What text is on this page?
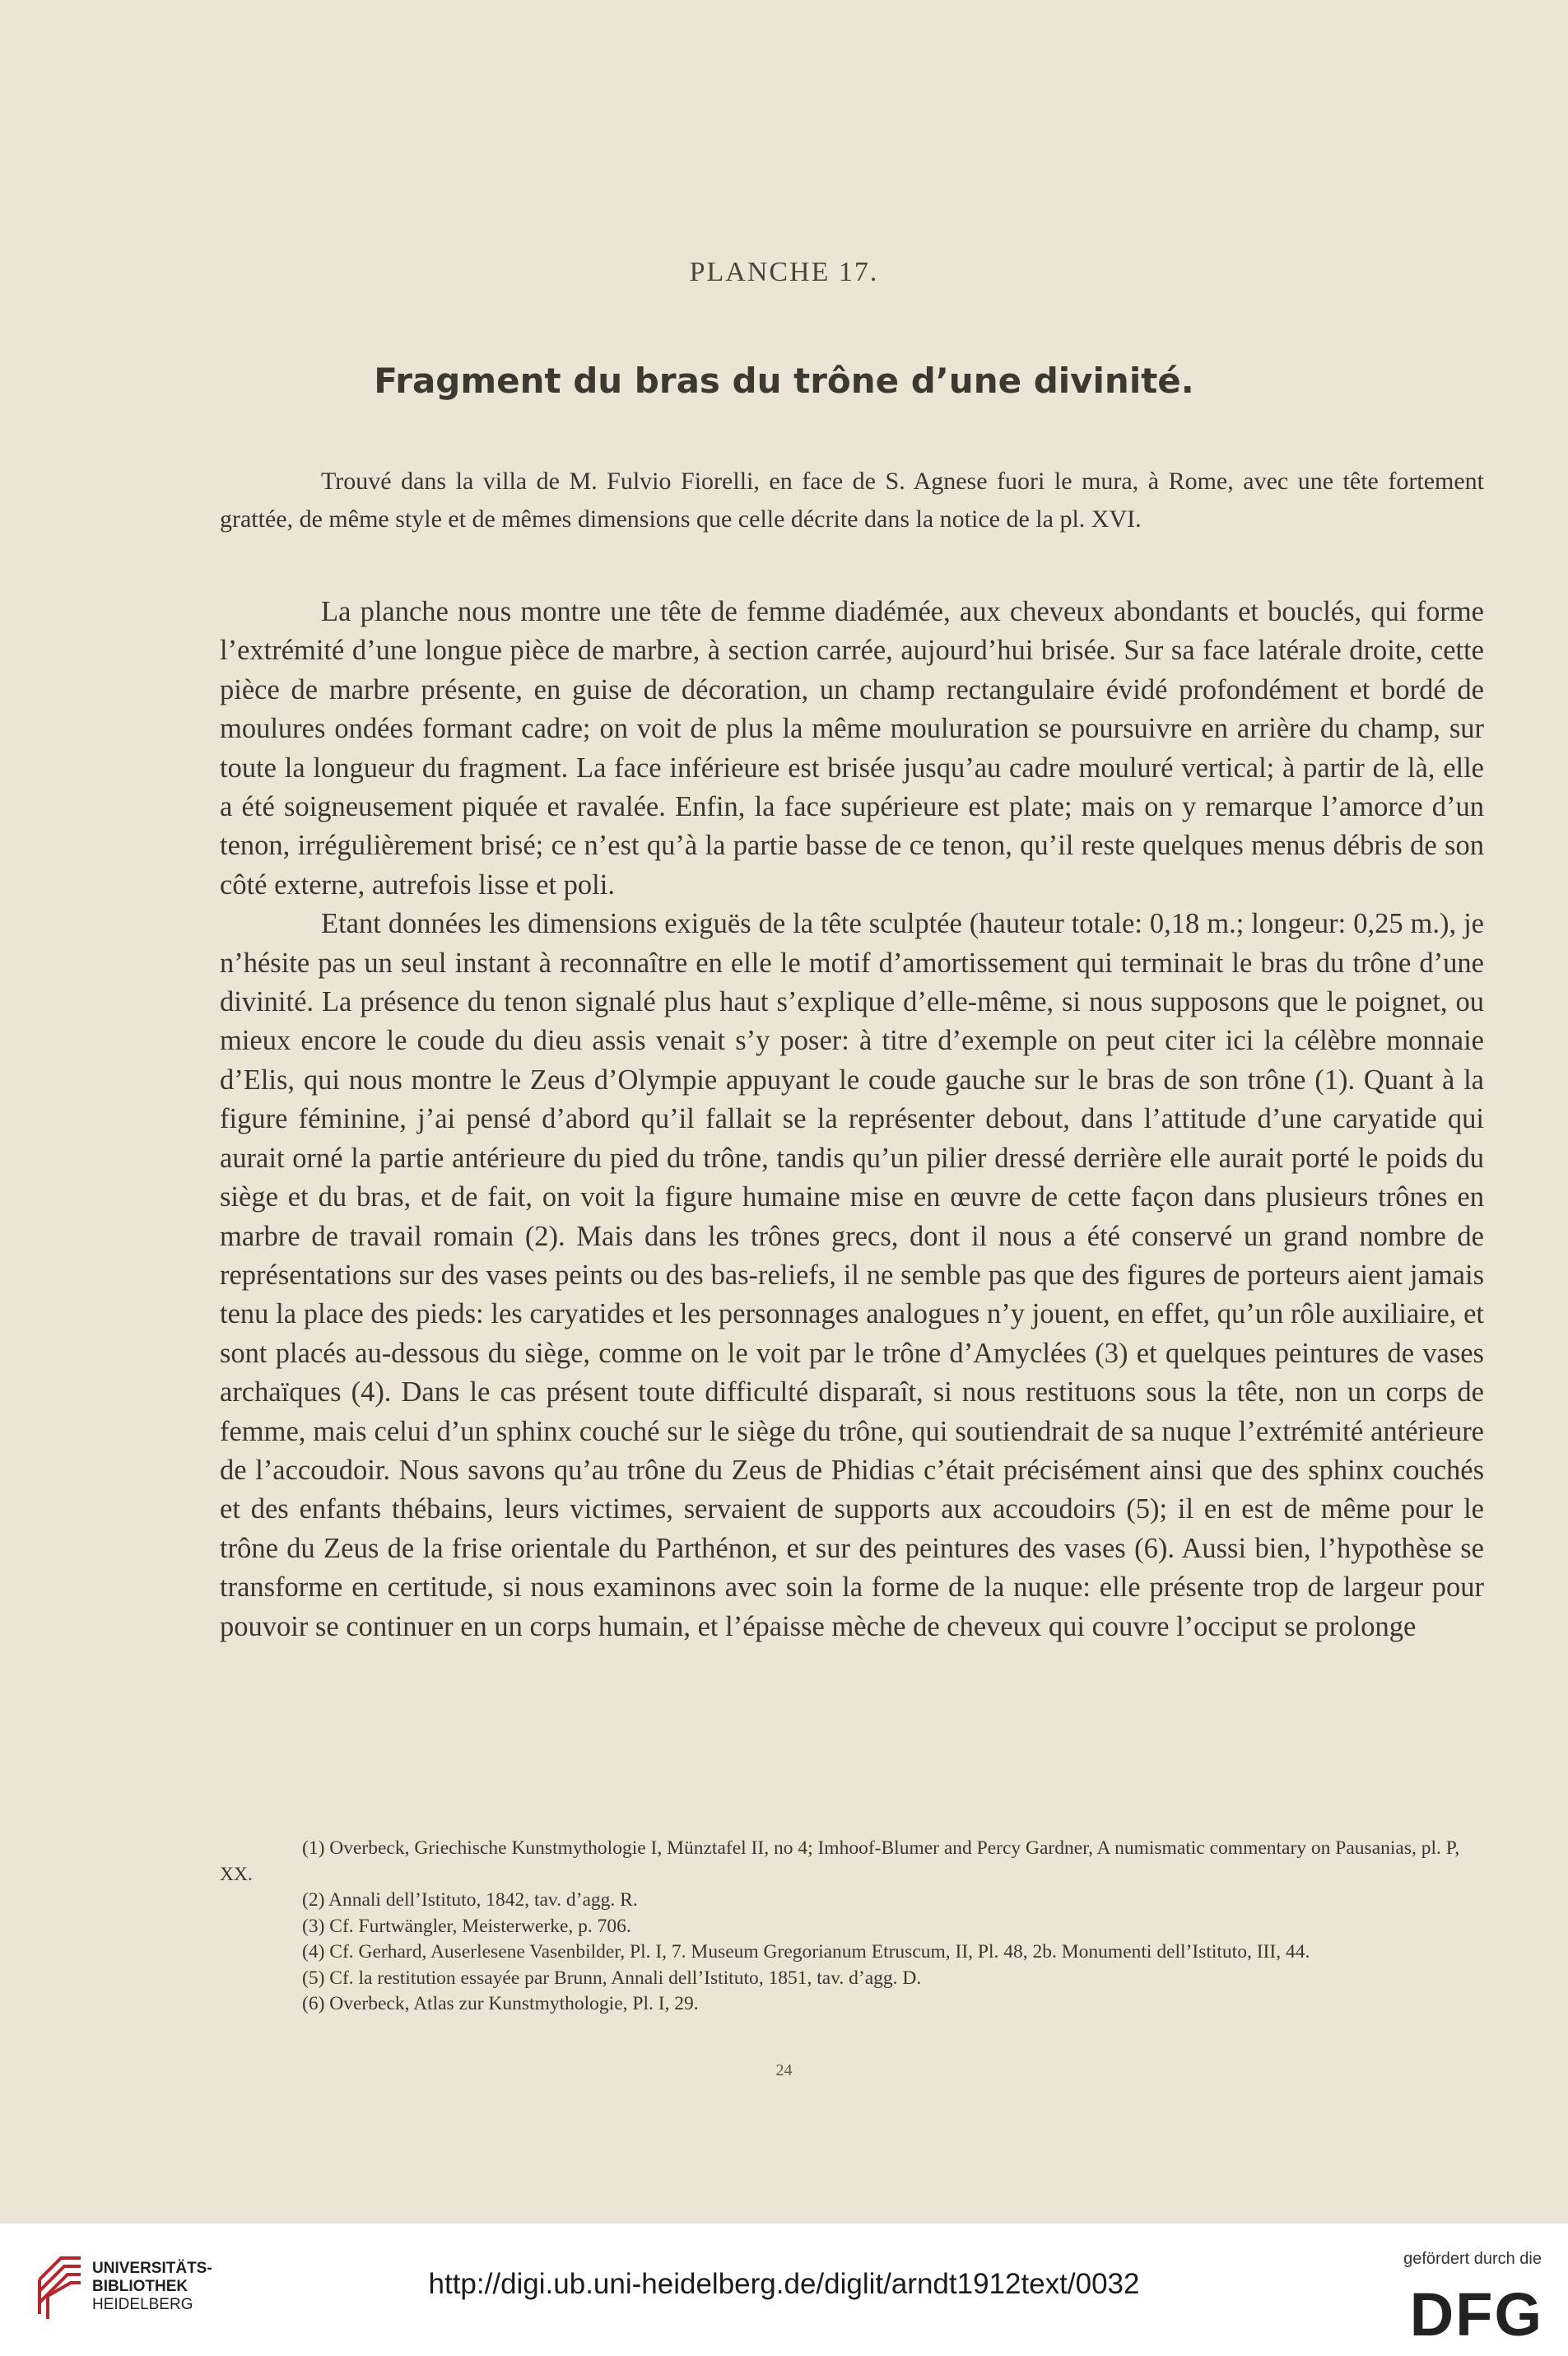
PLANCHE 17.
Fragment du bras du trône d’une divinité.

Trouvé dans la villa de M. Fulvio Fiorelli, en face de S. Agnese fuori le mura, à Rome, avec une tête fortement grattée, de même style et de mêmes dimensions que celle décrite dans la notice de la pl. XVI.

La planche nous montre une tête de femme diadémée, aux cheveux abondants et bouclés, qui forme l’extrémité d’une longue pièce de marbre, à section carrée, aujourd’hui brisée. Sur sa face latérale droite, cette pièce de marbre présente, en guise de décoration, un champ rectangulaire évidé profondément et bordé de moulures ondées formant cadre; on voit de plus la même mouluration se poursuivre en arrière du champ, sur toute la longueur du fragment. La face inférieure est brisée jusqu’au cadre mouluré vertical; à partir de là, elle a été soigneusement piquée et ravalée. Enfin, la face supérieure est plate; mais on y remarque l’amorce d’un tenon, irrégulièrement brisé; ce n’est qu’à la partie basse de ce tenon, qu’il reste quelques menus débris de son côté externe, autrefois lisse et poli.

Etant données les dimensions exiguës de la tête sculptée (hauteur totale: 0,18 m.; longeur: 0,25 m.), je n’hésite pas un seul instant à reconnaître en elle le motif d’amortissement qui terminait le bras du trône d’une divinité. La présence du tenon signalé plus haut s’explique d’elle-même, si nous supposons que le poignet, ou mieux encore le coude du dieu assis venait s’y poser: à titre d’exemple on peut citer ici la célèbre monnaie d’Elis, qui nous montre le Zeus d’Olympie appuyant le coude gauche sur le bras de son trône (1). Quant à la figure féminine, j’ai pensé d’abord qu’il fallait se la représenter debout, dans l’attitude d’une caryatide qui aurait orné la partie antérieure du pied du trône, tandis qu’un pilier dressé derrière elle aurait porté le poids du siège et du bras, et de fait, on voit la figure humaine mise en œuvre de cette façon dans plusieurs trônes en marbre de travail romain (2). Mais dans les trônes grecs, dont il nous a été conservé un grand nombre de représentations sur des vases peints ou des bas-reliefs, il ne semble pas que des figures de porteurs aient jamais tenu la place des pieds: les caryatides et les personnages analogues n’y jouent, en effet, qu’un rôle auxiliaire, et sont placés au-dessous du siège, comme on le voit par le trône d’Amyclées (3) et quelques peintures de vases archaïques (4). Dans le cas présent toute difficulté disparaît, si nous restituons sous la tête, non un corps de femme, mais celui d’un sphinx couché sur le siège du trône, qui soutiendrait de sa nuque l’extrémité antérieure de l’accoudoir. Nous savons qu’au trône du Zeus de Phidias c’était précisément ainsi que des sphinx couchés et des enfants thébains, leurs victimes, servaient de supports aux accoudoirs (5); il en est de même pour le trône du Zeus de la frise orientale du Parthénon, et sur des peintures des vases (6). Aussi bien, l’hypothèse se transforme en certitude, si nous examinons avec soin la forme de la nuque: elle présente trop de largeur pour pouvoir se continuer en un corps humain, et l’épaisse mèche de cheveux qui couvre l’occiput se prolonge

(1) Overbeck, Griechische Kunstmythologie I, Münztafel II, no 4; Imhoof-Blumer and Percy Gardner, A numismatic commentary on Pausanias, pl. P, XX.
(2) Annali dell’Istituto, 1842, tav. d’agg. R.
(3) Cf. Furtwängler, Meisterwerke, p. 706.
(4) Cf. Gerhard, Auserlesene Vasenbilder, Pl. I, 7. Museum Gregorianum Etruscum, II, Pl. 48, 2b. Monumenti dell’Istituto, III, 44.
(5) Cf. la restitution essayée par Brunn, Annali dell’Istituto, 1851, tav. d’agg. D.
(6) Overbeck, Atlas zur Kunstmythologie, Pl. I, 29.
24
UNIVERSITÄTS-
BIBLIOTHEK
HEIDELBERG
http://digi.ub.uni-heidelberg.de/diglit/arndt1912text/0032
gefördert durch die
DFG
